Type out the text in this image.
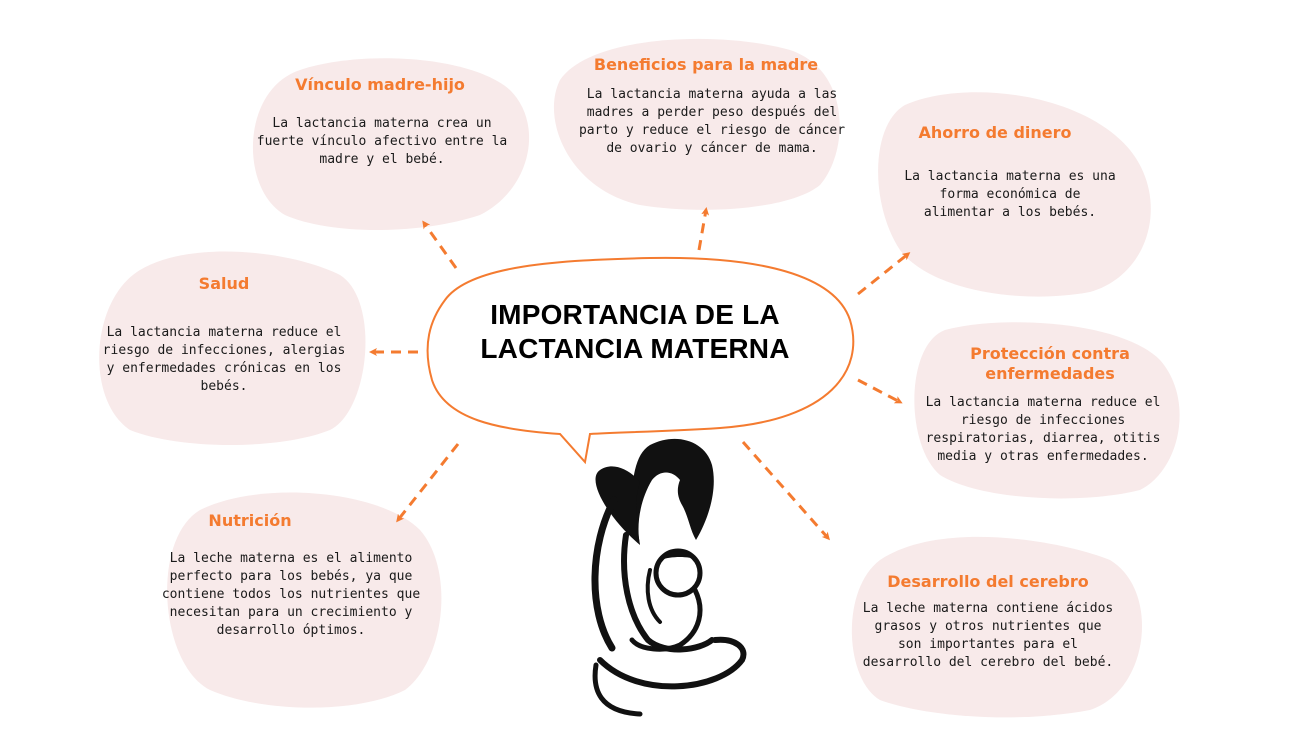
IMPORTANCIA DE LA LACTANCIA MATERNA
Vínculo madre-hijo
La lactancia materna crea un fuerte vínculo afectivo entre la madre y el bebé.
Beneficios para la madre
La lactancia materna ayuda a las madres a perder peso después del parto y reduce el riesgo de cáncer de ovario y cáncer de mama.
Ahorro de dinero
La lactancia materna es una forma económica de alimentar a los bebés.
Salud
La lactancia materna reduce el riesgo de infecciones, alergias y enfermedades crónicas en los bebés.
Protección contra enfermedades
La lactancia materna reduce el riesgo de infecciones respiratorias, diarrea, otitis media y otras enfermedades.
Nutrición
La leche materna es el alimento perfecto para los bebés, ya que contiene todos los nutrientes que necesitan para un crecimiento y desarrollo óptimos.
Desarrollo del cerebro
La leche materna contiene ácidos grasos y otros nutrientes que son importantes para el desarrollo del cerebro del bebé.
